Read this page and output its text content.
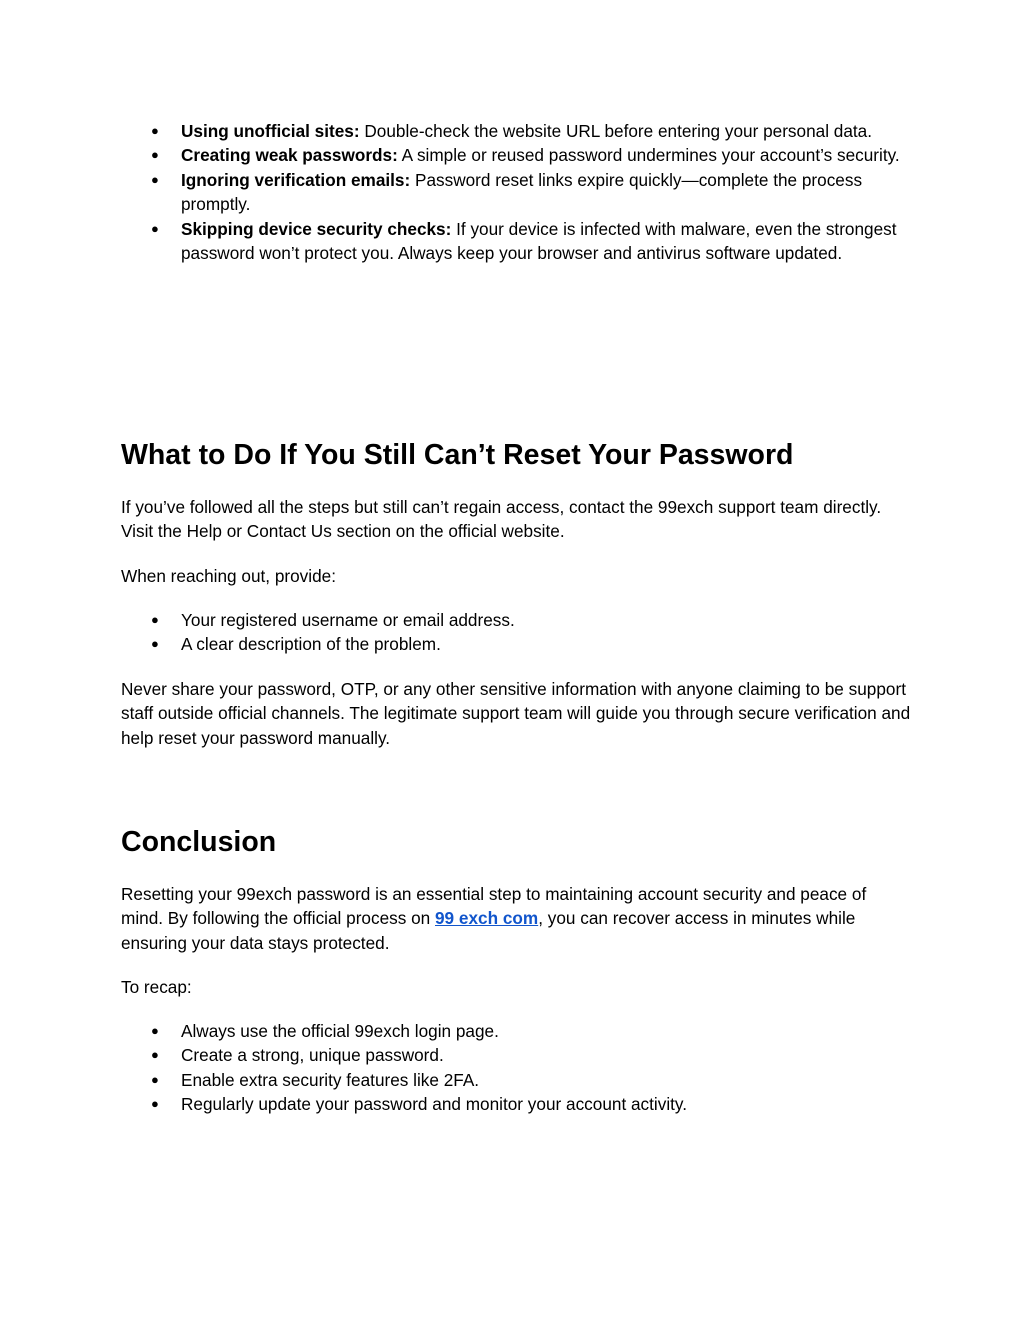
● Using unofficial sites: Double-check the website URL before entering your personal data.
● Creating weak passwords: A simple or reused password undermines your account’s security.
● Ignoring verification emails: Password reset links expire quickly—complete the process promptly.
● Skipping device security checks: If your device is infected with malware, even the strongest password won’t protect you. Always keep your browser and antivirus software updated.
What to Do If You Still Can’t Reset Your Password

If you’ve followed all the steps but still can’t regain access, contact the 99exch support team directly. Visit the Help or Contact Us section on the official website.

When reaching out, provide:

● Your registered username or email address.
● A clear description of the problem.

Never share your password, OTP, or any other sensitive information with anyone claiming to be support staff outside official channels. The legitimate support team will guide you through secure verification and help reset your password manually.

Conclusion

Resetting your 99exch password is an essential step to maintaining account security and peace of mind. By following the official process on 99 exch com, you can recover access in minutes while ensuring your data stays protected.

To recap:

● Always use the official 99exch login page.
● Create a strong, unique password.
● Enable extra security features like 2FA.
● Regularly update your password and monitor your account activity.
